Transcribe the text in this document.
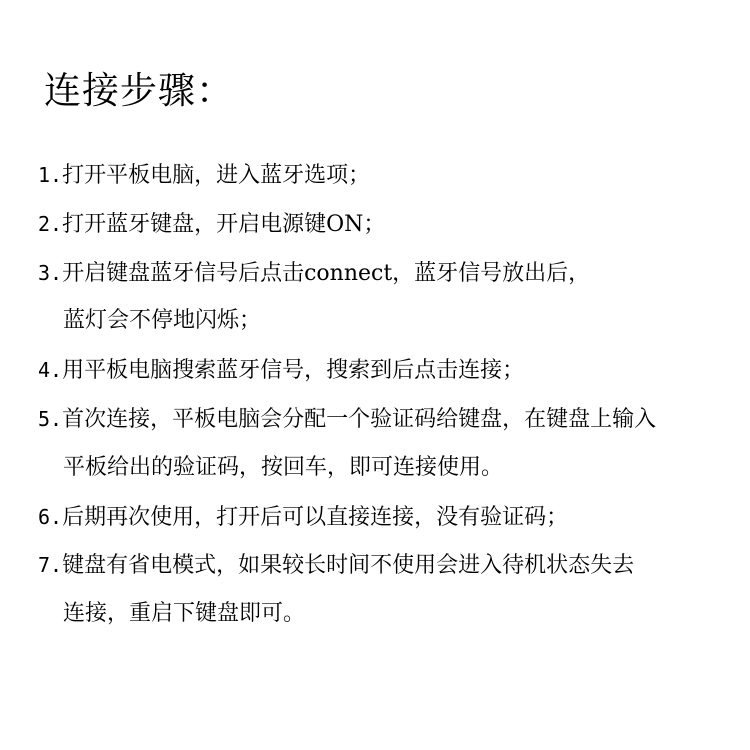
连接步骤：
1.打开平板电脑，进入蓝牙选项；
2.打开蓝牙键盘，开启电源键ON；
3.开启键盘蓝牙信号后点击connect，蓝牙信号放出后，
蓝灯会不停地闪烁；
4.用平板电脑搜索蓝牙信号，搜索到后点击连接；
5.首次连接，平板电脑会分配一个验证码给键盘，在键盘上输入
平板给出的验证码，按回车，即可连接使用。
6.后期再次使用，打开后可以直接连接，没有验证码；
7.键盘有省电模式，如果较长时间不使用会进入待机状态失去
连接，重启下键盘即可。
